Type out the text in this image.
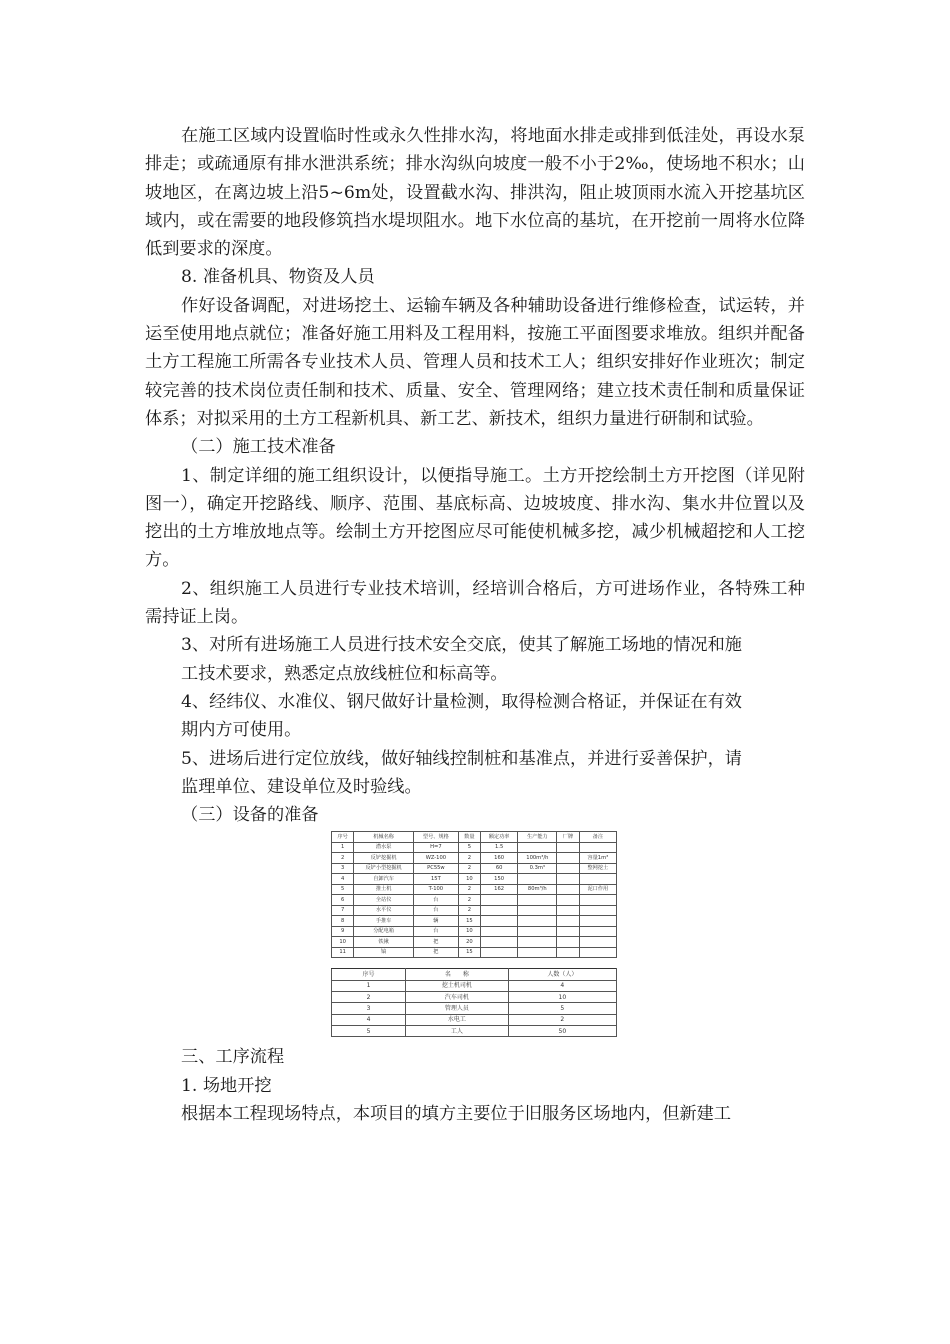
在施工区域内设置临时性或永久性排水沟，将地面水排走或排到低洼处，再设水泵排走；或疏通原有排水泄洪系统；排水沟纵向坡度一般不小于2‰，使场地不积水；山坡地区，在离边坡上沿5~6m处，设置截水沟、排洪沟，阻止坡顶雨水流入开挖基坑区域内，或在需要的地段修筑挡水堤坝阻水。地下水位高的基坑，在开挖前一周将水位降低到要求的深度。

8. 准备机具、物资及人员

作好设备调配，对进场挖土、运输车辆及各种辅助设备进行维修检查，试运转，并运至使用地点就位；准备好施工用料及工程用料，按施工平面图要求堆放。组织并配备土方工程施工所需各专业技术人员、管理人员和技术工人；组织安排好作业班次；制定较完善的技术岗位责任制和技术、质量、安全、管理网络；建立技术责任制和质量保证体系；对拟采用的土方工程新机具、新工艺、新技术，组织力量进行研制和试验。

（二）施工技术准备

1、制定详细的施工组织设计，以便指导施工。土方开挖绘制土方开挖图（详见附图一），确定开挖路线、顺序、范围、基底标高、边坡坡度、排水沟、集水井位置以及挖出的土方堆放地点等。绘制土方开挖图应尽可能使机械多挖，减少机械超挖和人工挖方。

2、组织施工人员进行专业技术培训，经培训合格后，方可进场作业，各特殊工种需持证上岗。

3、对所有进场施工人员进行技术安全交底，使其了解施工场地的情况和施

工技术要求，熟悉定点放线桩位和标高等。

4、经纬仪、水准仪、钢尺做好计量检测，取得检测合格证，并保证在有效

期内方可使用。

5、进场后进行定位放线，做好轴线控制桩和基准点，并进行妥善保护，请

监理单位、建设单位及时验线。

（三）设备的准备

序号	机械名称	型号、规格	数量	额定功率	生产能力	厂牌	备注
1	潜水泵	H=7	5	1.5			
2	反铲挖掘机	WZ-100	2	160	100m³/h		容量1m³
3	反铲小型挖掘机	PC55w	2	60	0.3m³		整网挖土
4	自卸汽车	15T	10	150			
5	推土机	T-100	2	162	80m³/h		泥口作用
6	全站仪	台	2				
7	水平仪	台	2				
8	手推车	辆	15				
9	分配电箱	台	10				
10	铁锹	把	20				
11	镐	把	15				
序号	名　　称	人数（人）
1	挖土机司机	4
2	汽车司机	10
3	管理人员	5
4	水电工	2
5	工人	50

三、工序流程

1. 场地开挖

根据本工程现场特点，本项目的填方主要位于旧服务区场地内，但新建工
